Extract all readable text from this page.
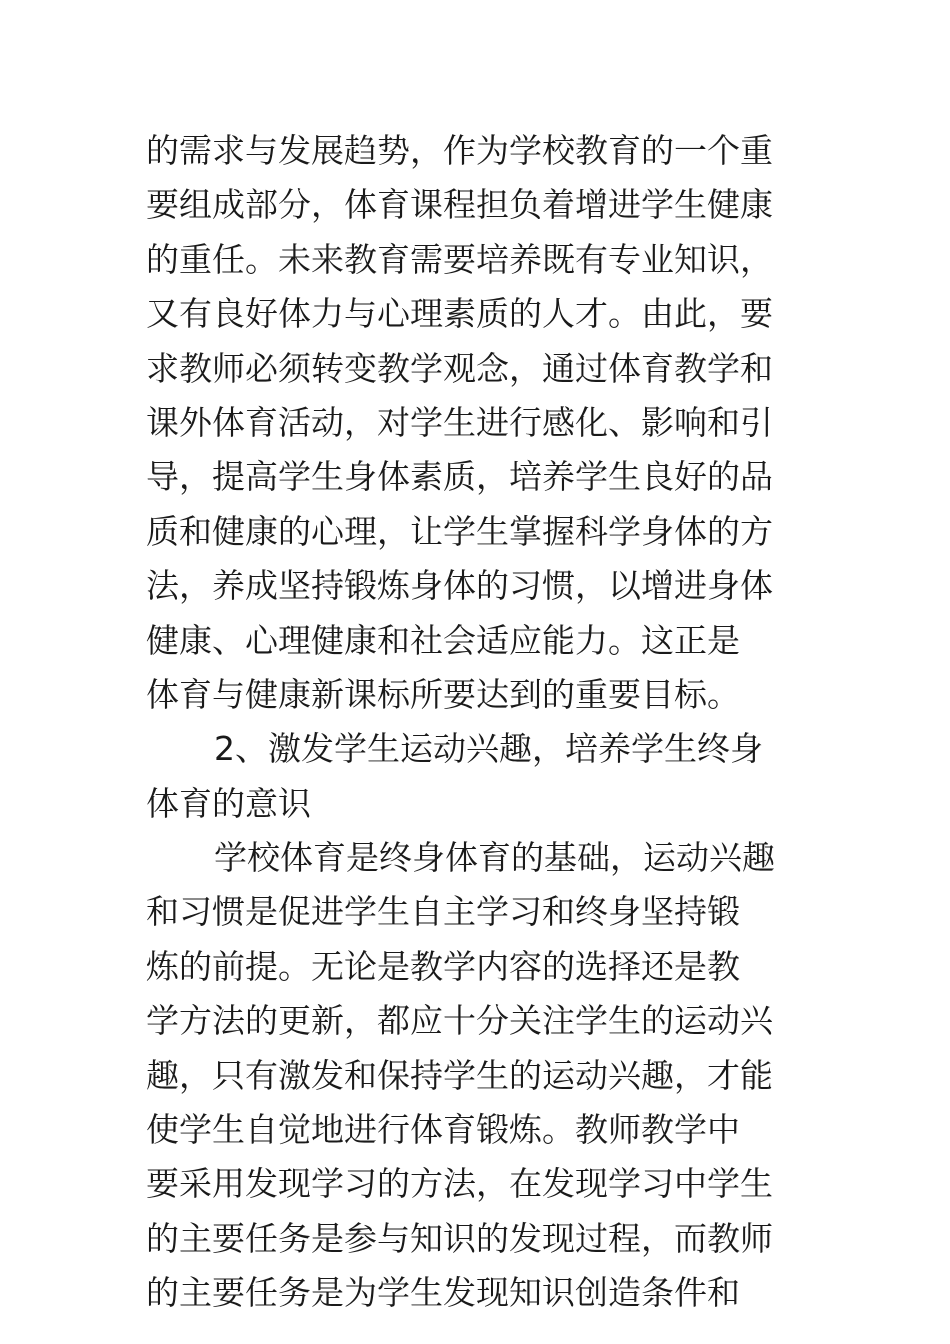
的需求与发展趋势，作为学校教育的一个重

要组成部分，体育课程担负着增进学生健康

的重任。未来教育需要培养既有专业知识，

又有良好体力与心理素质的人才。由此，要

求教师必须转变教学观念，通过体育教学和

课外体育活动，对学生进行感化、影响和引

导，提高学生身体素质，培养学生良好的品

质和健康的心理，让学生掌握科学身体的方

法，养成坚持锻炼身体的习惯，以增进身体

健康、心理健康和社会适应能力。这正是

体育与健康新课标所要达到的重要目标。

2、激发学生运动兴趣，培养学生终身

体育的意识

学校体育是终身体育的基础，运动兴趣

和习惯是促进学生自主学习和终身坚持锻

炼的前提。无论是教学内容的选择还是教

学方法的更新，都应十分关注学生的运动兴

趣，只有激发和保持学生的运动兴趣，才能

使学生自觉地进行体育锻炼。教师教学中

要采用发现学习的方法，在发现学习中学生

的主要任务是参与知识的发现过程，而教师

的主要任务是为学生发现知识创造条件和
